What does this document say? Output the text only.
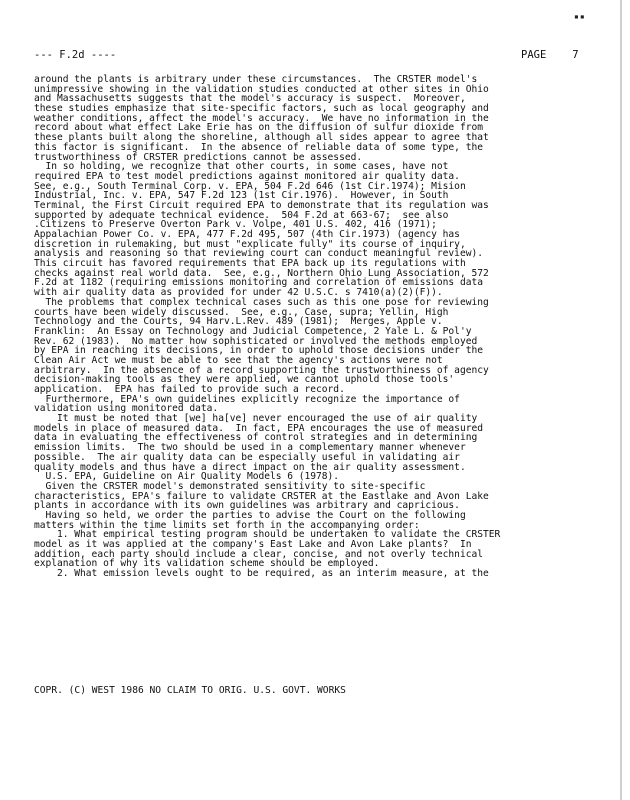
▪▪
--- F.2d ----	PAGE 7
around the plants is arbitrary under these circumstances.  The CRSTER model's
unimpressive showing in the validation studies conducted at other sites in Ohio
and Massachusetts suggests that the model's accuracy is suspect.  Moreover,
these studies emphasize that site-specific factors, such as local geography and
weather conditions, affect the model's accuracy.  We have no information in the
record about what effect Lake Erie has on the diffusion of sulfur dioxide from
these plants built along the shoreline, although all sides appear to agree that
this factor is significant.  In the absence of reliable data of some type, the
trustworthiness of CRSTER predictions cannot be assessed.
In so holding, we recognize that other courts, in some cases, have not
required EPA to test model predictions against monitored air quality data.
See, e.g., South Terminal Corp. v. EPA, 504 F.2d 646 (1st Cir.1974); Mision
Industrial, Inc. v. EPA, 547 F.2d 123 (1st Cir.1976).  However, in South
Terminal, the First Circuit required EPA to demonstrate that its regulation was
supported by adequate technical evidence.  504 F.2d at 663-67;  see also
.Citizens to Preserve Overton Park v. Volpe, 401 U.S. 402, 416 (1971);
Appalachian Power Co. v. EPA, 477 F.2d 495, 507 (4th Cir.1973) (agency has
discretion in rulemaking, but must "explicate fully" its course of inquiry,
analysis and reasoning so that reviewing court can conduct meaningful review).
This circuit has favored requirements that EPA back up its regulations with
checks against real world data.  See, e.g., Northern Ohio Lung Association, 572
F.2d at 1182 (requiring emissions monitoring and correlation of emissions data
with air quality data as provided for under 42 U.S.C. s 7410(a)(2)(F)).
The problems that complex technical cases such as this one pose for reviewing
courts have been widely discussed.  See, e.g., Case, supra; Yellin, High
Technology and the Courts, 94 Harv.L.Rev. 489 (1981);  Merges, Apple v.
Franklin:  An Essay on Technology and Judicial Competence, 2 Yale L. & Pol'y
Rev. 62 (1983).  No matter how sophisticated or involved the methods employed
by EPA in reaching its decisions, in order to uphold those decisions under the
Clean Air Act we must be able to see that the agency's actions were not
arbitrary.  In the absence of a record supporting the trustworthiness of agency
decision-making tools as they were applied, we cannot uphold those tools'
application.  EPA has failed to provide such a record.
Furthermore, EPA's own guidelines explicitly recognize the importance of
validation using monitored data.
It must be noted that [we] ha[ve] never encouraged the use of air quality
models in place of measured data.  In fact, EPA encourages the use of measured
data in evaluating the effectiveness of control strategies and in determining
emission limits.  The two should be used in a complementary manner whenever
possible.  The air quality data can be especially useful in validating air
quality models and thus have a direct impact on the air quality assessment.
U.S. EPA, Guideline on Air Quality Models 6 (1978).
Given the CRSTER model's demonstrated sensitivity to site-specific
characteristics, EPA's failure to validate CRSTER at the Eastlake and Avon Lake
plants in accordance with its own guidelines was arbitrary and capricious.
Having so held, we order the parties to advise the Court on the following
matters within the time limits set forth in the accompanying order:
1. What empirical testing program should be undertaken to validate the CRSTER
model as it was applied at the company's East Lake and Avon Lake plants?  In
addition, each party should include a clear, concise, and not overly technical
explanation of why its validation scheme should be employed.
2. What emission levels ought to be required, as an interim measure, at the
COPR. (C) WEST 1986 NO CLAIM TO ORIG. U.S. GOVT. WORKS
